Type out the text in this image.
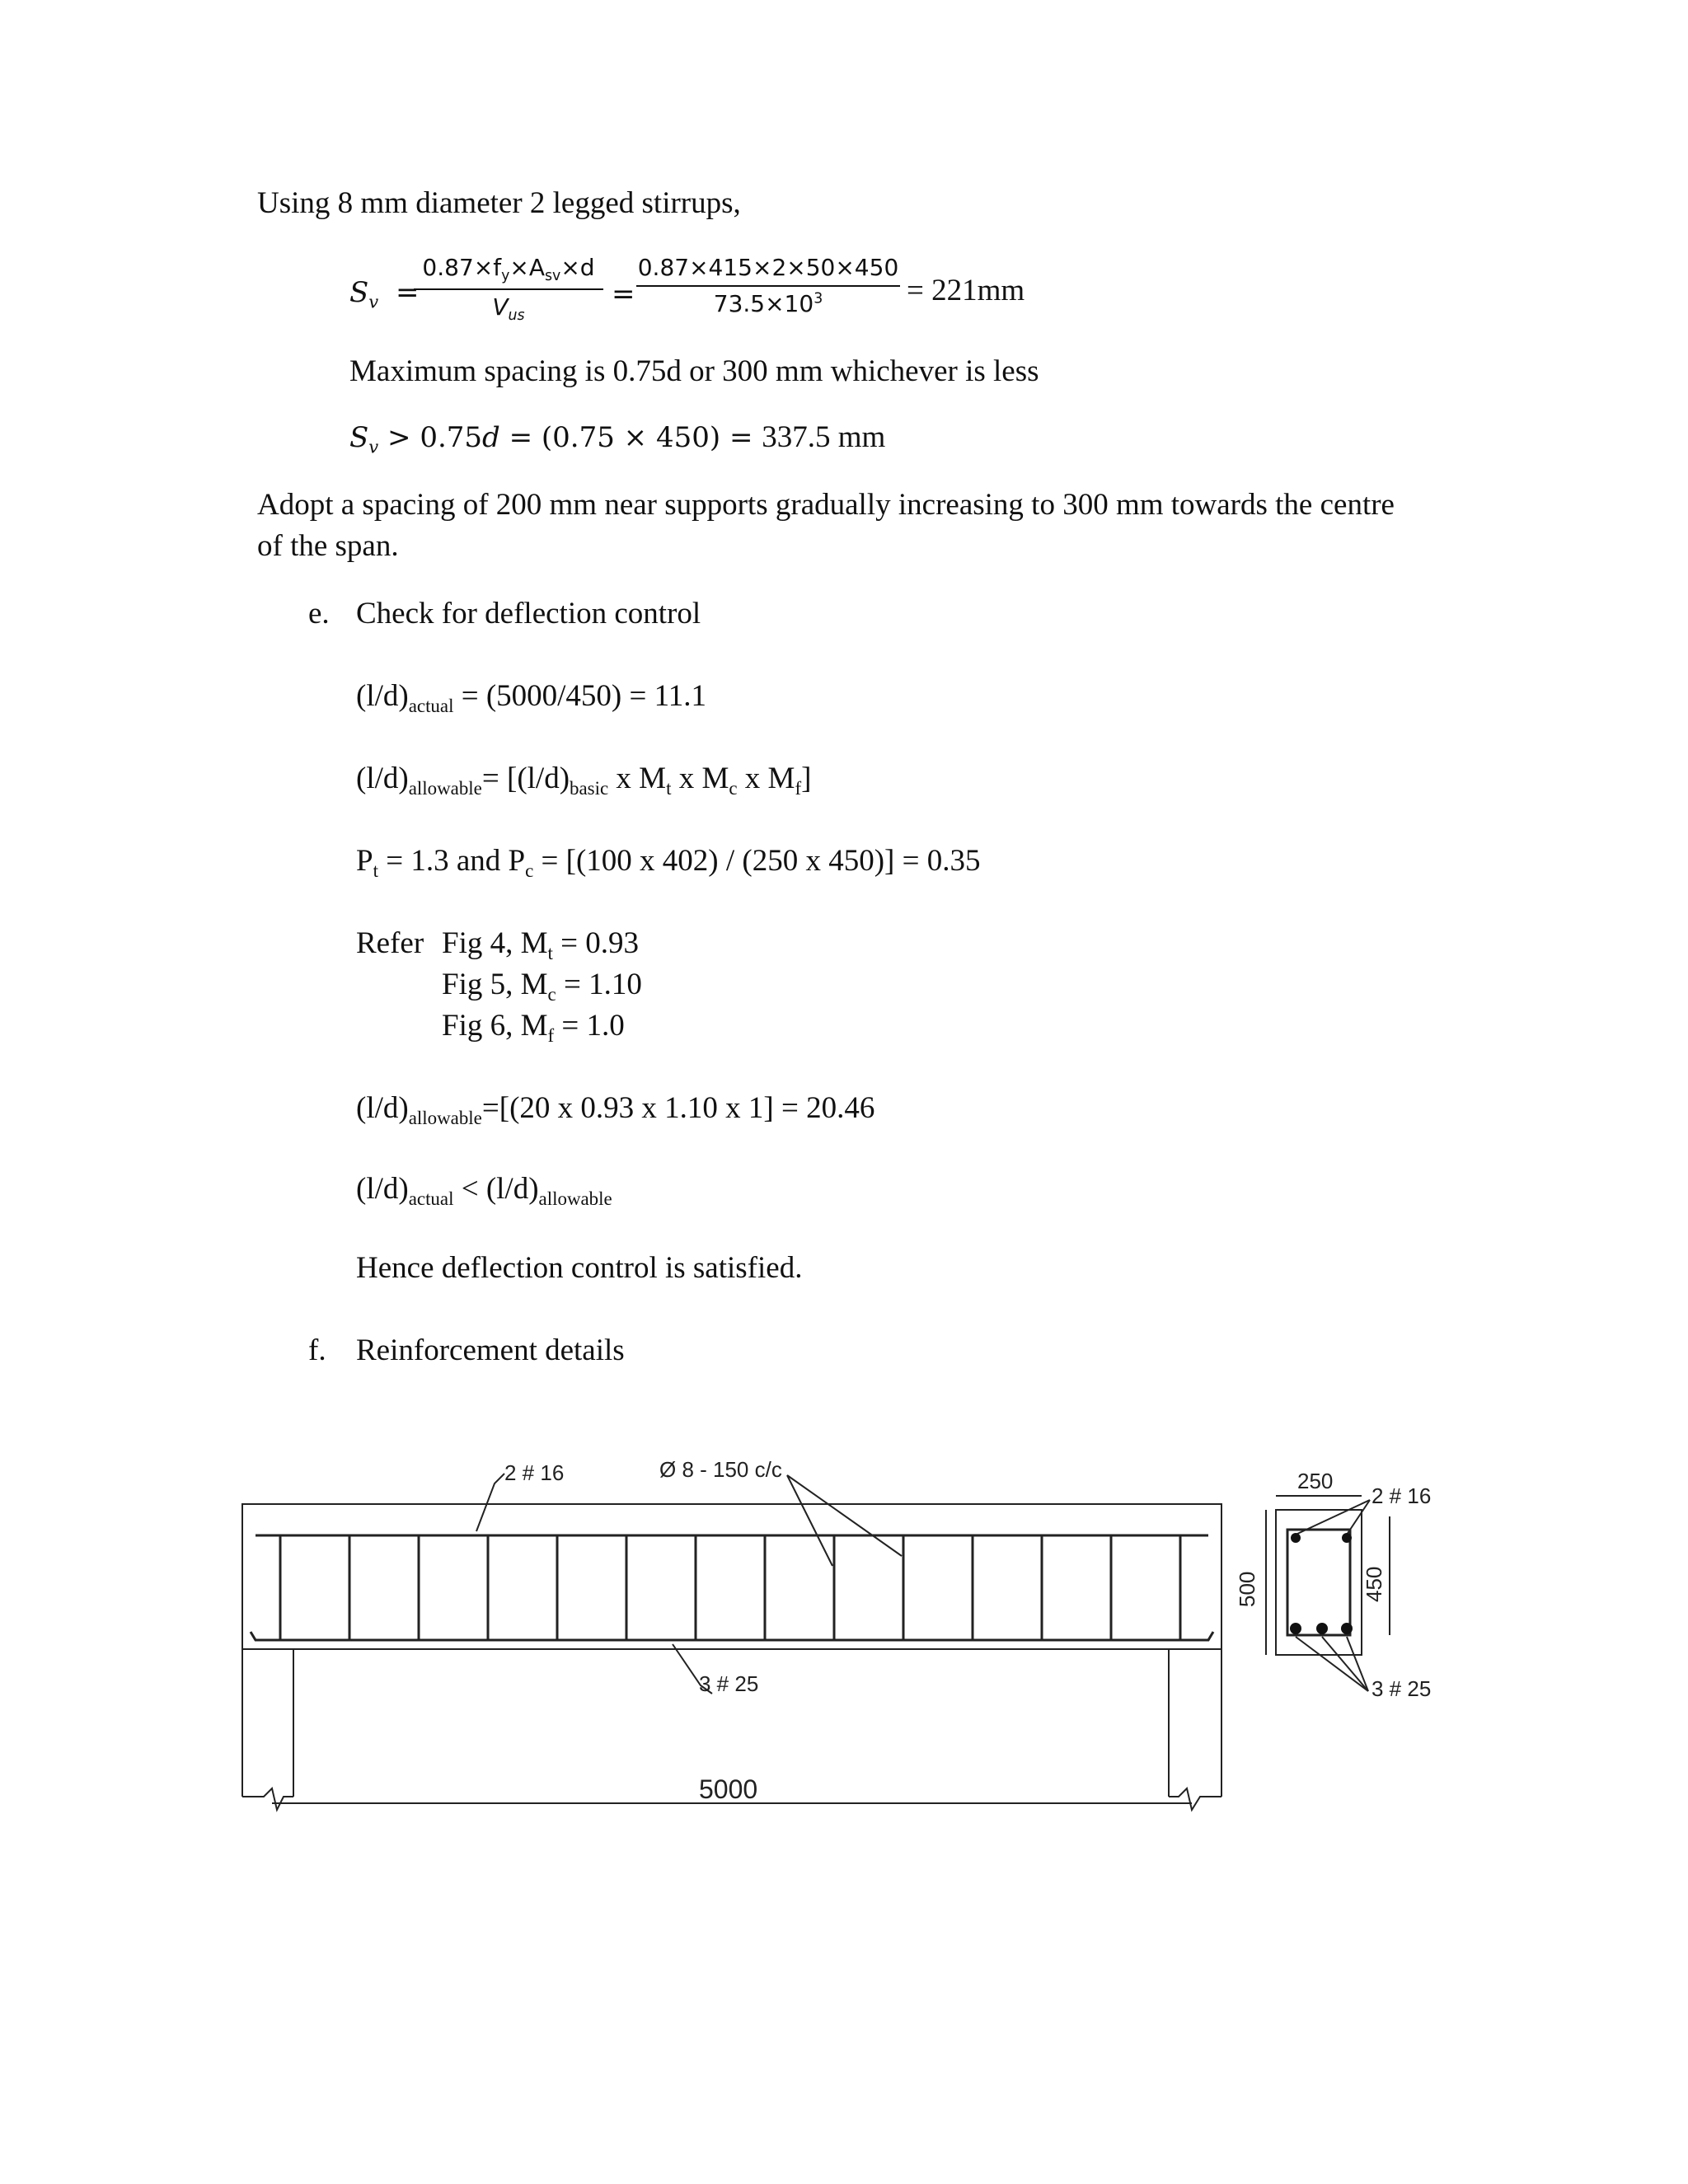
Using 8 mm diameter 2 legged stirrups,
$S_v$ =
$0.87\times f_y\times A_{sv}\times d$
$V_{us}$
=
0.87×415×2×50×450
$73.5\times 10^3$	= 221mm
Maximum spacing is 0.75d or 300 mm whichever is less
$S_v > 0.75d = (0.75 \times 450) = 337.5$ mm
Adopt a spacing of 200 mm near supports gradually increasing to 300 mm towards the centre
of the span.
e. Check for deflection control
$(l/d)_{actual} = (5000/450) = 11.1$
$(l/d)_{allowable}= [(l/d)_{basic}$ x $M_t$ x $M_c$ x $M_f$]
$P_t = 1.3$ and $P_c = [(100$ x 402) / (250 x 450)] = 0.35
Refer Fig 4, $M_t = 0.93$
Fig 5, $M_c = 1.10$
Fig 6, $M_f = 1.0$
$(l/d)_{allowable}=[(20$ x 0.93 x 1.10 x 1] = 20.46
$(l/d)_{actual} < (l/d)_{allowable}$
Hence deflection control is satisfied.
f. Reinforcement details
2 # 16	Ø 8 - 150 c/c
3 # 25
5000
250
2 # 16
3 # 25
500	450
